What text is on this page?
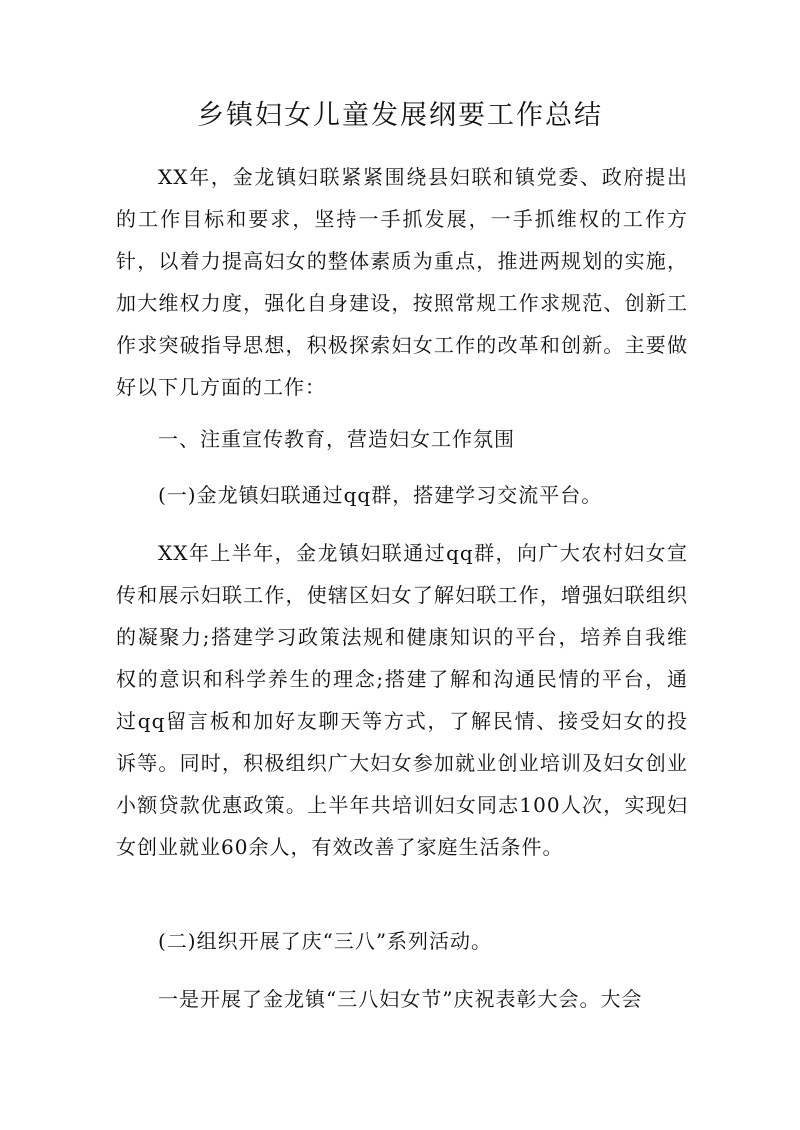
乡镇妇女儿童发展纲要工作总结

XX年，金龙镇妇联紧紧围绕县妇联和镇党委、政府提出的工作目标和要求，坚持一手抓发展，一手抓维权的工作方针，以着力提高妇女的整体素质为重点，推进两规划的实施，加大维权力度，强化自身建设，按照常规工作求规范、创新工作求突破指导思想，积极探索妇女工作的改革和创新。主要做好以下几方面的工作：

一、注重宣传教育，营造妇女工作氛围

(一)金龙镇妇联通过qq群，搭建学习交流平台。

XX年上半年，金龙镇妇联通过qq群，向广大农村妇女宣传和展示妇联工作，使辖区妇女了解妇联工作，增强妇联组织的凝聚力;搭建学习政策法规和健康知识的平台，培养自我维权的意识和科学养生的理念;搭建了解和沟通民情的平台，通过qq留言板和加好友聊天等方式，了解民情、接受妇女的投诉等。同时，积极组织广大妇女参加就业创业培训及妇女创业小额贷款优惠政策。上半年共培训妇女同志100人次，实现妇女创业就业60余人，有效改善了家庭生活条件。

(二)组织开展了庆“三八”系列活动。

一是开展了金龙镇“三八妇女节”庆祝表彰大会。大会
